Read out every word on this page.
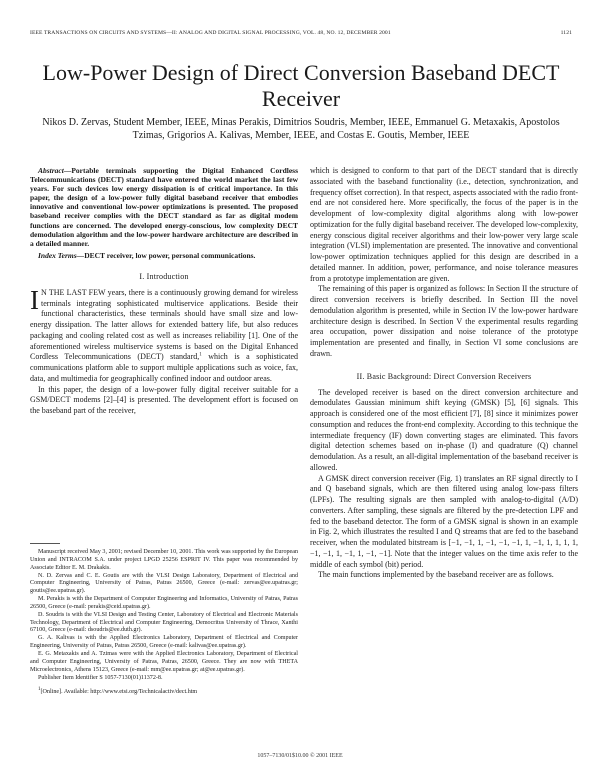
IEEE TRANSACTIONS ON CIRCUITS AND SYSTEMS—II: ANALOG AND DIGITAL SIGNAL PROCESSING, VOL. 48, NO. 12, DECEMBER 2001	1121
Low-Power Design of Direct Conversion Baseband DECT Receiver
Nikos D. Zervas, Student Member, IEEE, Minas Perakis, Dimitrios Soudris, Member, IEEE, Emmanuel G. Metaxakis, Apostolos Tzimas, Grigorios A. Kalivas, Member, IEEE, and Costas E. Goutis, Member, IEEE

Abstract—Portable terminals supporting the Digital Enhanced Cordless Telecommunications (DECT) standard have entered the world market the last few years. For such devices low energy dissipation is of critical importance. In this paper, the design of a low-power fully digital baseband receiver that embodies innovative and conventional low-power optimizations is presented. The proposed baseband receiver complies with the DECT standard as far as digital modem functions are concerned. The developed energy-conscious, low complexity DECT demodulation algorithm and the low-power hardware architecture are described in a detailed manner.

Index Terms—DECT receiver, low power, personal communications.

I. Introduction

I N THE LAST FEW years, there is a continuously growing demand for wireless terminals integrating sophisticated multiservice applications. Beside their functional characteristics, these terminals should have small size and low-energy dissipation. The latter allows for extended battery life, but also reduces packaging and cooling related cost as well as increases reliability [1]. One of the aforementioned wireless multiservice systems is based on the Digital Enhanced Cordless Telecommunications (DECT) standard,$^1$ which is a sophisticated communications platform able to support multiple applications such as voice, fax, data, and multimedia for geographically confined indoor and outdoor areas.

In this paper, the design of a low-power fully digital receiver suitable for a GSM/DECT modems [2]–[4] is presented. The development effort is focused on the baseband part of the receiver,

Manuscript received May 3, 2001; revised December 10, 2001. This work was supported by the European Union and INTRACOM S.A. under project LPGD 25256 ESPRIT IV. This paper was recommended by Associate Editor E. M. Drakakis.

N. D. Zervas and C. E. Goutis are with the VLSI Design Laboratory, Department of Electrical and Computer Engineering, University of Patras, Patras 26500, Greece (e-mail: zervas@ee.upatras.gr; goutis@ee.upatras.gr).

M. Perakis is with the Department of Computer Engineering and Informatics, University of Patras, Patras 26500, Greece (e-mail: perakis@ceid.upatras.gr).

D. Soudris is with the VLSI Design and Testing Center, Laboratory of Electrical and Electronic Materials Technology, Department of Electrical and Computer Engineering, Democritus University of Thrace, Xanthi 67100, Greece (e-mail: dsoudris@ee.duth.gr).

G. A. Kalivas is with the Applied Electronics Laboratory, Department of Electrical and Computer Engineering, University of Patras, Patras 26500, Greece (e-mail: kalivas@ee.upatras.gr).

E. G. Metaxakis and A. Tzimas were with the Applied Electronics Laboratory, Department of Electrical and Computer Engineering, University of Patras, Patras, 26500, Greece. They are now with THETA Microelectronics, Athens 15123, Greece (e-mail: mm@ee.upatras.gr; at@ee.upatras.gr).

Publisher Item Identifier S 1057-7130(01)11372-8.

$^1$[Online]. Available: http://www.etsi.org/Technicalactiv/dect.htm

which is designed to conform to that part of the DECT standard that is directly associated with the baseband functionality (i.e., detection, synchronization, and frequency offset correction). In that respect, aspects associated with the radio front-end are not considered here. More specifically, the focus of the paper is in the development of low-complexity digital algorithms along with low-power optimization for the fully digital baseband receiver. The developed low-complexity, energy conscious digital receiver algorithms and their low-power very large scale integration (VLSI) implementation are presented. The innovative and conventional low-power optimization techniques applied for this design are described in a detailed manner. In addition, power, performance, and noise tolerance measures from a prototype implementation are given.

The remaining of this paper is organized as follows: In Section II the structure of direct conversion receivers is briefly described. In Section III the novel demodulation algorithm is presented, while in Section IV the low-power hardware architecture design is described. In Section V the experimental results regarding area occupation, power dissipation and noise tolerance of the prototype implementation are presented and finally, in Section VI some conclusions are drawn.

II. Basic Background: Direct Conversion Receivers

The developed receiver is based on the direct conversion architecture and demodulates Gaussian minimum shift keying (GMSK) [5], [6] signals. This approach is considered one of the most efficient [7], [8] since it minimizes power consumption and reduces the front-end complexity. According to this technique the intermediate frequency (IF) down converting stages are eliminated. This favors digital detection schemes based on in-phase (I) and quadrature (Q) channel demodulation. As a result, an all-digital implementation of the baseband receiver is allowed.

A GMSK direct conversion receiver (Fig. 1) translates an RF signal directly to I and Q baseband signals, which are then filtered using analog low-pass filters (LPFs). The resulting signals are then sampled with analog-to-digital (A/D) converters. After sampling, these signals are filtered by the pre-detection LPF and fed to the baseband detector. The form of a GMSK signal is shown in an example in Fig. 2, which illustrates the resulted I and Q streams that are fed to the baseband receiver, when the modulated bitstream is [−1, −1, 1, −1, −1, −1, 1, −1, 1, 1, 1, 1, −1, −1, 1, −1, 1, −1, −1]. Note that the integer values on the time axis refer to the middle of each symbol (bit) period.

The main functions implemented by the baseband receiver are as follows.

1057–7130/01$10.00 © 2001 IEEE
